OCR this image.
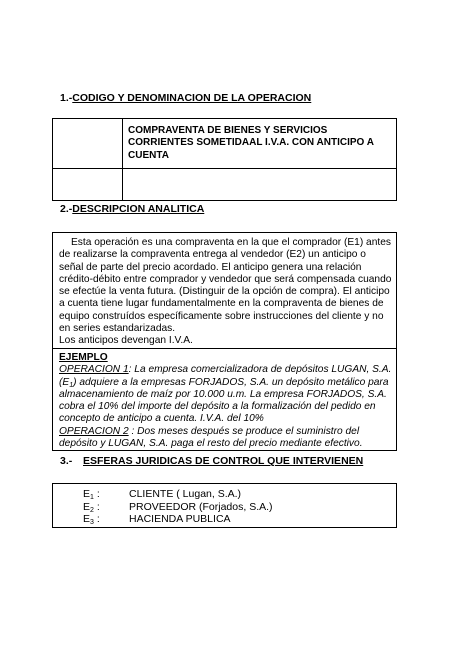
1.-CODIGO Y DENOMINACION DE LA OPERACION

	COMPRAVENTA DE BIENES Y SERVICIOS CORRIENTES SOMETIDAAL I.V.A. CON ANTICIPO A CUENTA

2.-DESCRIPCION ANALITICA
Esta operación es una compraventa en la que el comprador (E1) antes de realizarse la compraventa entrega al vendedor (E2) un anticipo o señal de parte del precio acordado. El anticipo genera una relación crédito-débito entre comprador y vendedor que será compensada cuando se efectúe la venta futura. (Distinguir de la opción de compra). El anticipo a cuenta tiene lugar fundamentalmente en la compraventa de bienes de equipo construídos específicamente sobre instrucciones del cliente y no en series estandarizadas.
Los anticipos devengan I.V.A.
EJEMPLO
OPERACION 1: La empresa comercializadora de depósitos LUGAN, S.A. $(E_1)$ adquiere a la empresas FORJADOS, S.A. un depósito metálico para almacenamiento de maíz por 10.000 u.m. La empresa FORJADOS, S.A. cobra el 10% del importe del depósito a la formalización del pedido en concepto de anticipo a cuenta. I.V.A. del 10%
OPERACION 2 : Dos meses después se produce el suministro del depósito y LUGAN, S.A. paga el resto del precio mediante efectivo.
3.- ESFERAS JURIDICAS DE CONTROL QUE INTERVIENEN
$E_1$ :	CLIENTE ( Lugan, S.A.)
$E_2$ :	PROVEEDOR (Forjados, S.A.)
$E_3$ :	HACIENDA PUBLICA
